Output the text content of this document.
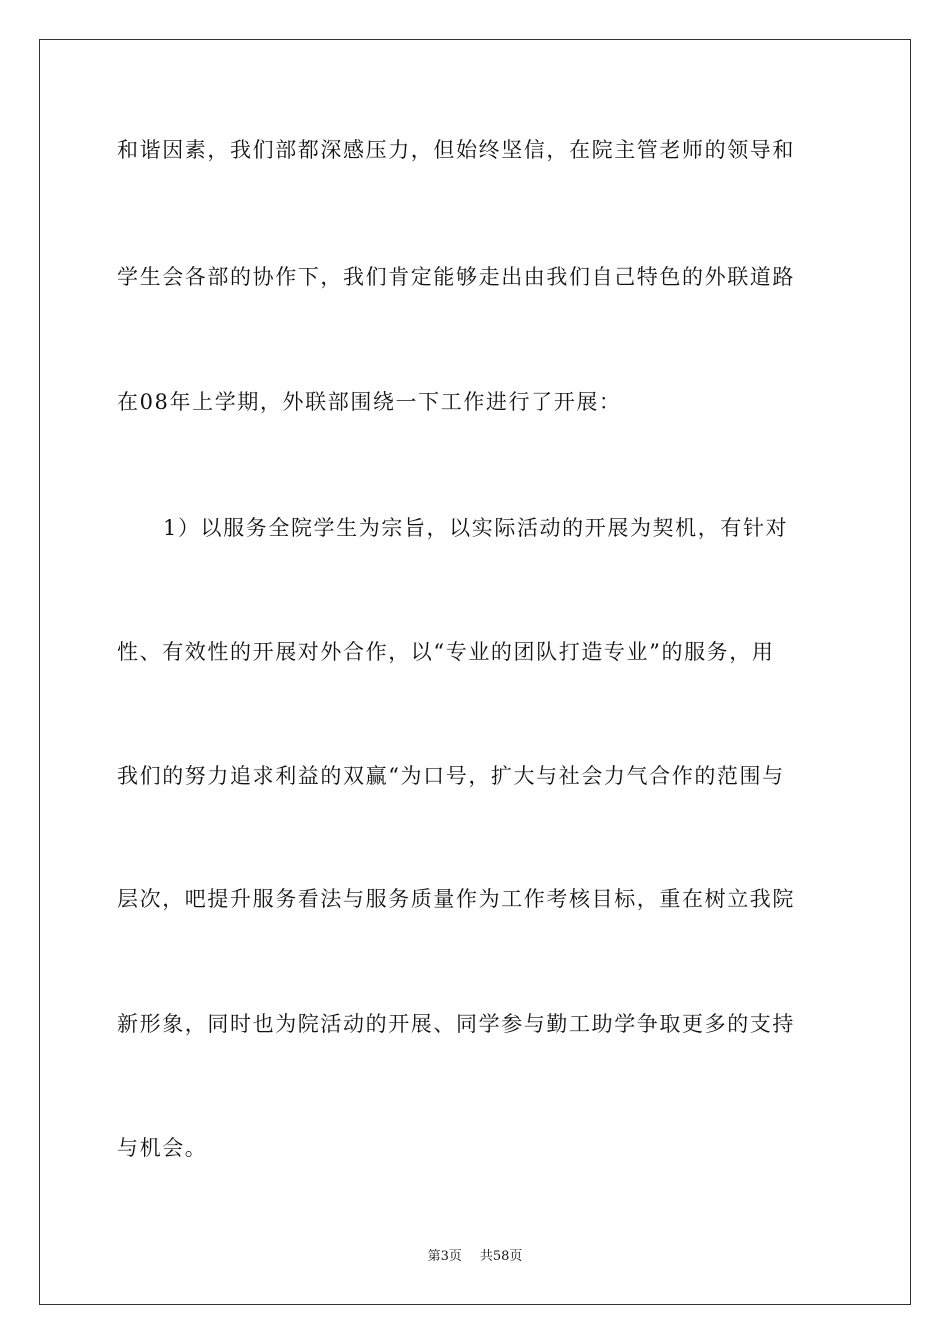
和谐因素，我们部都深感压力，但始终坚信，在院主管老师的领导和
学生会各部的协作下，我们肯定能够走出由我们自己特色的外联道路
在08年上学期，外联部围绕一下工作进行了开展：
1）以服务全院学生为宗旨，以实际活动的开展为契机，有针对
性、有效性的开展对外合作，以“专业的团队打造专业”的服务，用
我们的努力追求利益的双赢“为口号，扩大与社会力气合作的范围与
层次，吧提升服务看法与服务质量作为工作考核目标，重在树立我院
新形象，同时也为院活动的开展、同学参与勤工助学争取更多的支持
与机会。
第3页 共58页
